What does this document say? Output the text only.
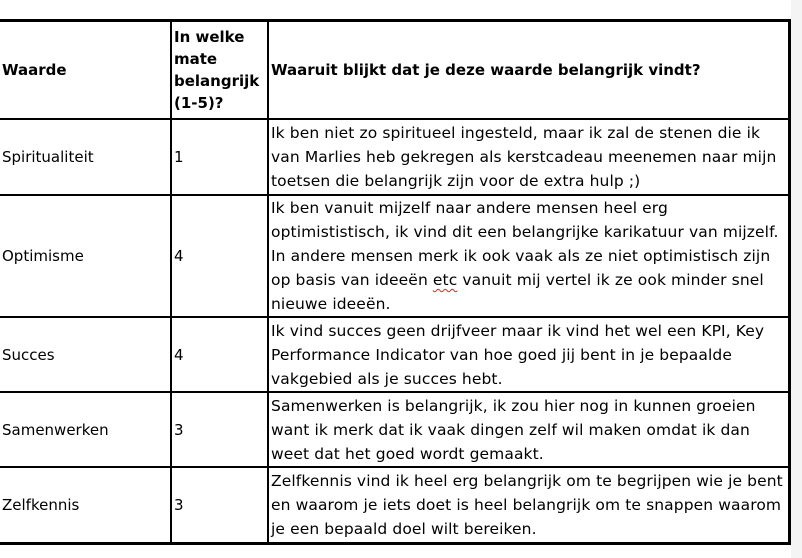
Waarde	In welke mate belangrijk (1-5)?	Waaruit blijkt dat je deze waarde belangrijk vindt?
Spiritualiteit	1	Ik ben niet zo spiritueel ingesteld, maar ik zal de stenen die ik van Marlies heb gekregen als kerstcadeau meenemen naar mijn toetsen die belangrijk zijn voor de extra hulp ;)
Optimisme	4	Ik ben vanuit mijzelf naar andere mensen heel erg optimististisch, ik vind dit een belangrijke karikatuur van mijzelf. In andere mensen merk ik ook vaak als ze niet optimistisch zijn op basis van ideeën etc vanuit mij vertel ik ze ook minder snel nieuwe ideeën.
Succes	4	Ik vind succes geen drijfveer maar ik vind het wel een KPI, Key Performance Indicator van hoe goed jij bent in je bepaalde vakgebied als je succes hebt.
Samenwerken	3	Samenwerken is belangrijk, ik zou hier nog in kunnen groeien want ik merk dat ik vaak dingen zelf wil maken omdat ik dan weet dat het goed wordt gemaakt.
Zelfkennis	3	Zelfkennis vind ik heel erg belangrijk om te begrijpen wie je bent en waarom je iets doet is heel belangrijk om te snappen waarom je een bepaald doel wilt bereiken.
